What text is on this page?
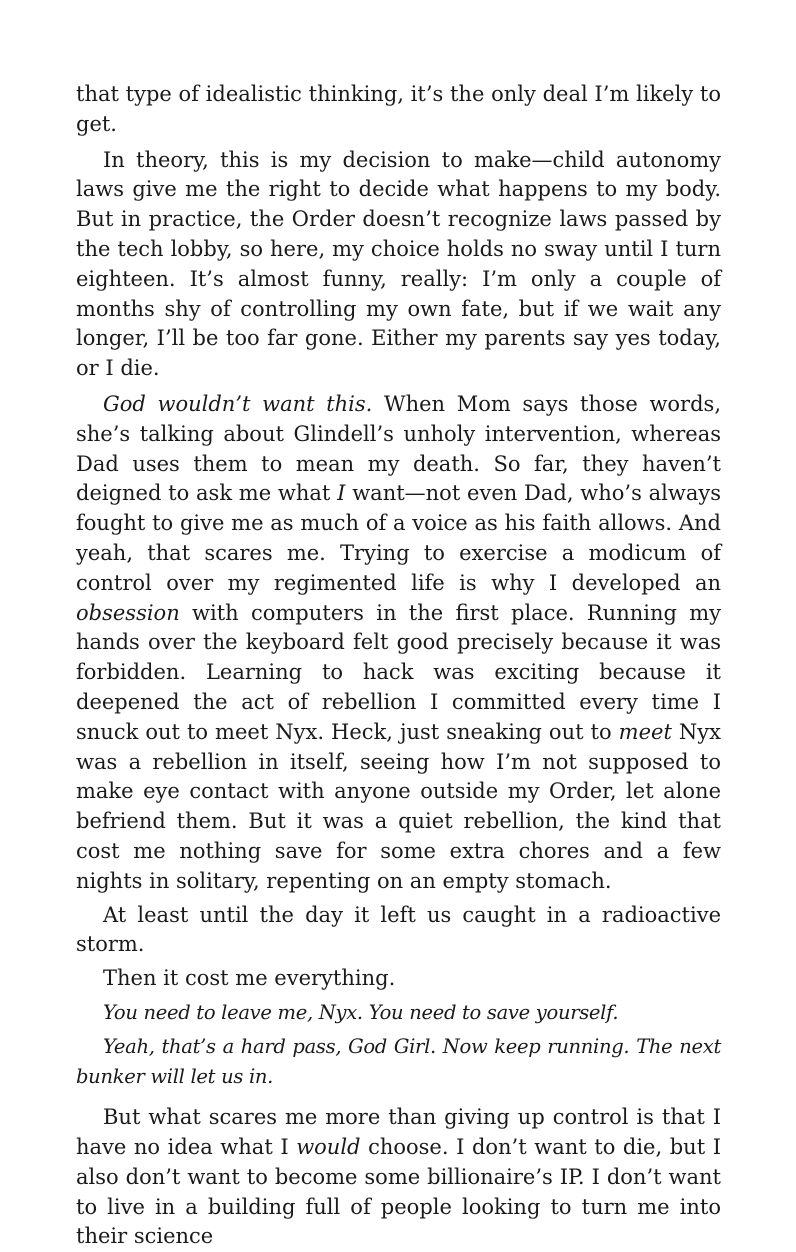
that type of idealistic thinking, it’s the only deal I’m likely to get.

In theory, this is my decision to make—child autonomy laws give me the right to decide what happens to my body. But in practice, the Order doesn’t recognize laws passed by the tech lobby, so here, my choice holds no sway until I turn eighteen. It’s almost funny, really: I’m only a couple of months shy of controlling my own fate, but if we wait any longer, I’ll be too far gone. Either my parents say yes today, or I die.

God wouldn’t want this. When Mom says those words, she’s talking about Glindell’s unholy intervention, whereas Dad uses them to mean my death. So far, they haven’t deigned to ask me what I want—not even Dad, who’s always fought to give me as much of a voice as his faith allows. And yeah, that scares me. Trying to exercise a modicum of control over my regimented life is why I developed an obsession with computers in the first place. Running my hands over the keyboard felt good precisely because it was forbidden. Learning to hack was exciting because it deepened the act of rebellion I committed every time I snuck out to meet Nyx. Heck, just sneaking out to meet Nyx was a rebellion in itself, seeing how I’m not supposed to make eye contact with anyone outside my Order, let alone befriend them. But it was a quiet rebellion, the kind that cost me nothing save for some extra chores and a few nights in solitary, repenting on an empty stomach.

At least until the day it left us caught in a radioactive storm.

Then it cost me everything.

You need to leave me, Nyx. You need to save yourself.

Yeah, that’s a hard pass, God Girl. Now keep running. The next bunker will let us in.

But what scares me more than giving up control is that I have no idea what I would choose. I don’t want to die, but I also don’t want to become some billionaire’s IP. I don’t want to live in a building full of people looking to turn me into their science
